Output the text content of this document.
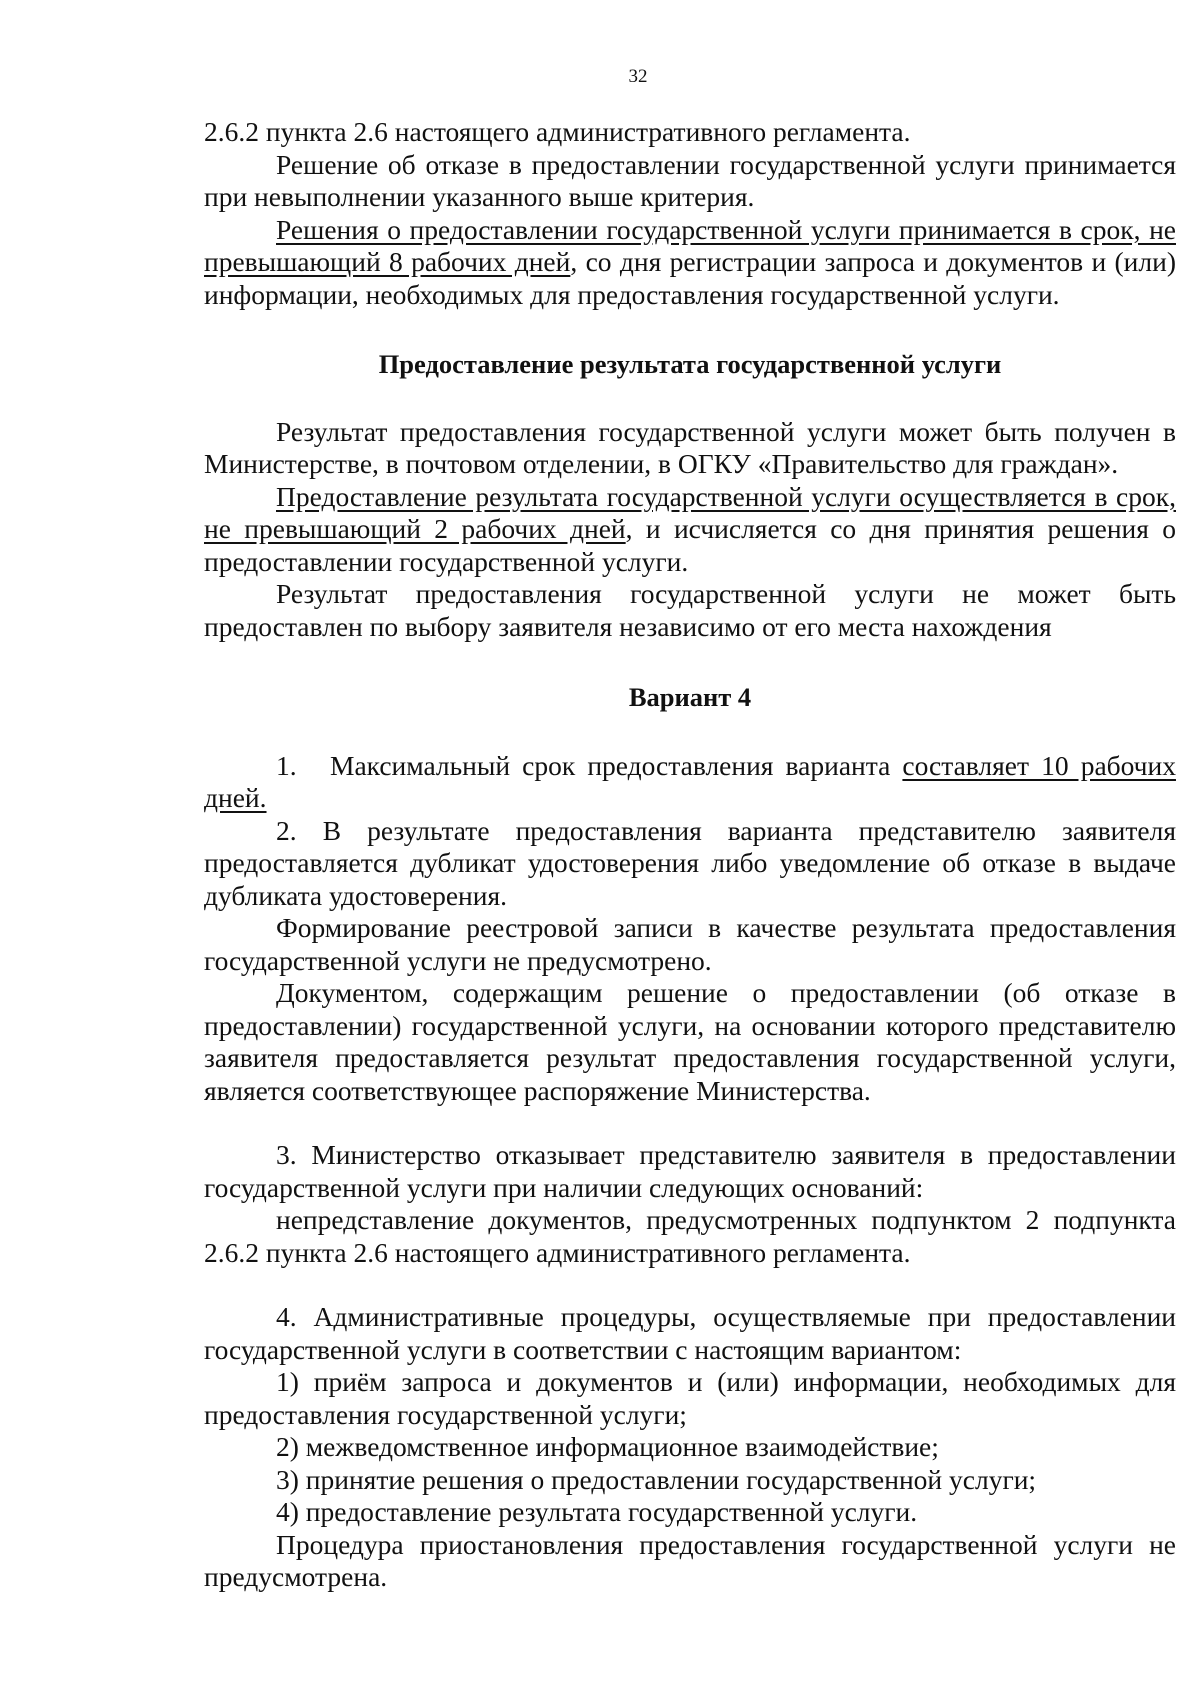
32

2.6.2 пункта 2.6 настоящего административного регламента.

Решение об отказе в предоставлении государственной услуги принимается при невыполнении указанного выше критерия.

Решения о предоставлении государственной услуги принимается в срок, не превышающий 8 рабочих дней, со дня регистрации запроса и документов и (или) информации, необходимых для предоставления государственной услуги.

Предоставление результата государственной услуги

Результат предоставления государственной услуги может быть получен в Министерстве, в почтовом отделении, в ОГКУ «Правительство для граждан».

Предоставление результата государственной услуги осуществляется в срок, не превышающий 2 рабочих дней, и исчисляется со дня принятия решения о предоставлении государственной услуги.

Результат предоставления государственной услуги не может быть предоставлен по выбору заявителя независимо от его места нахождения

Вариант 4

1. Максимальный срок предоставления варианта составляет 10 рабочих дней.

2. В результате предоставления варианта представителю заявителя предоставляется дубликат удостоверения либо уведомление об отказе в выдаче дубликата удостоверения.

Формирование реестровой записи в качестве результата предоставления государственной услуги не предусмотрено.

Документом, содержащим решение о предоставлении (об отказе в предоставлении) государственной услуги, на основании которого представителю заявителя предоставляется результат предоставления государственной услуги, является соответствующее распоряжение Министерства.

3. Министерство отказывает представителю заявителя в предоставлении государственной услуги при наличии следующих оснований:

непредставление документов, предусмотренных подпунктом 2 подпункта 2.6.2 пункта 2.6 настоящего административного регламента.

4. Административные процедуры, осуществляемые при предоставлении государственной услуги в соответствии с настоящим вариантом:

1) приём запроса и документов и (или) информации, необходимых для предоставления государственной услуги;

2) межведомственное информационное взаимодействие;

3) принятие решения о предоставлении государственной услуги;

4) предоставление результата государственной услуги.

Процедура приостановления предоставления государственной услуги не предусмотрена.
